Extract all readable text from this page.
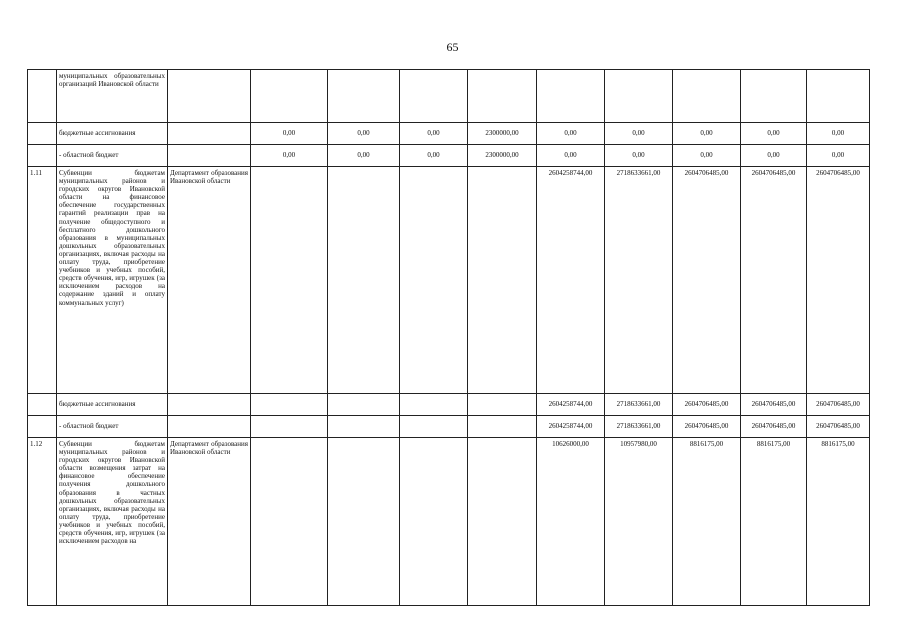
65
	муниципальных образовательных организаций Ивановской области										
	бюджетные ассигнования		0,00	0,00	0,00	2300000,00	0,00	0,00	0,00	0,00	0,00
	- областной бюджет		0,00	0,00	0,00	2300000,00	0,00	0,00	0,00	0,00	0,00
1.11	Субвенции бюджетам муниципальных районов и городских округов Ивановской области на финансовое обеспечение государственных гарантий реализации прав на получение общедоступного и бесплатного дошкольного образования в муниципальных дошкольных образовательных организациях, включая расходы на оплату труда, приобретение учебников и учебных пособий, средств обучения, игр, игрушек (за исключением расходов на содержание зданий и оплату коммунальных услуг)	Департамент образования Ивановской области					2604258744,00	2718633661,00	2604706485,00	2604706485,00	2604706485,00
	бюджетные ассигнования						2604258744,00	2718633661,00	2604706485,00	2604706485,00	2604706485,00
	- областной бюджет						2604258744,00	2718633661,00	2604706485,00	2604706485,00	2604706485,00
1.12	Субвенции бюджетам муниципальных районов и городских округов Ивановской области возмещения затрат на финансовое обеспечение получения дошкольного образования в частных дошкольных образовательных организациях, включая расходы на оплату труда, приобретение учебников и учебных пособий, средств обучения, игр, игрушек (за исключением расходов на	Департамент образования Ивановской области					10626000,00	10957980,00	8816175,00	8816175,00	8816175,00
